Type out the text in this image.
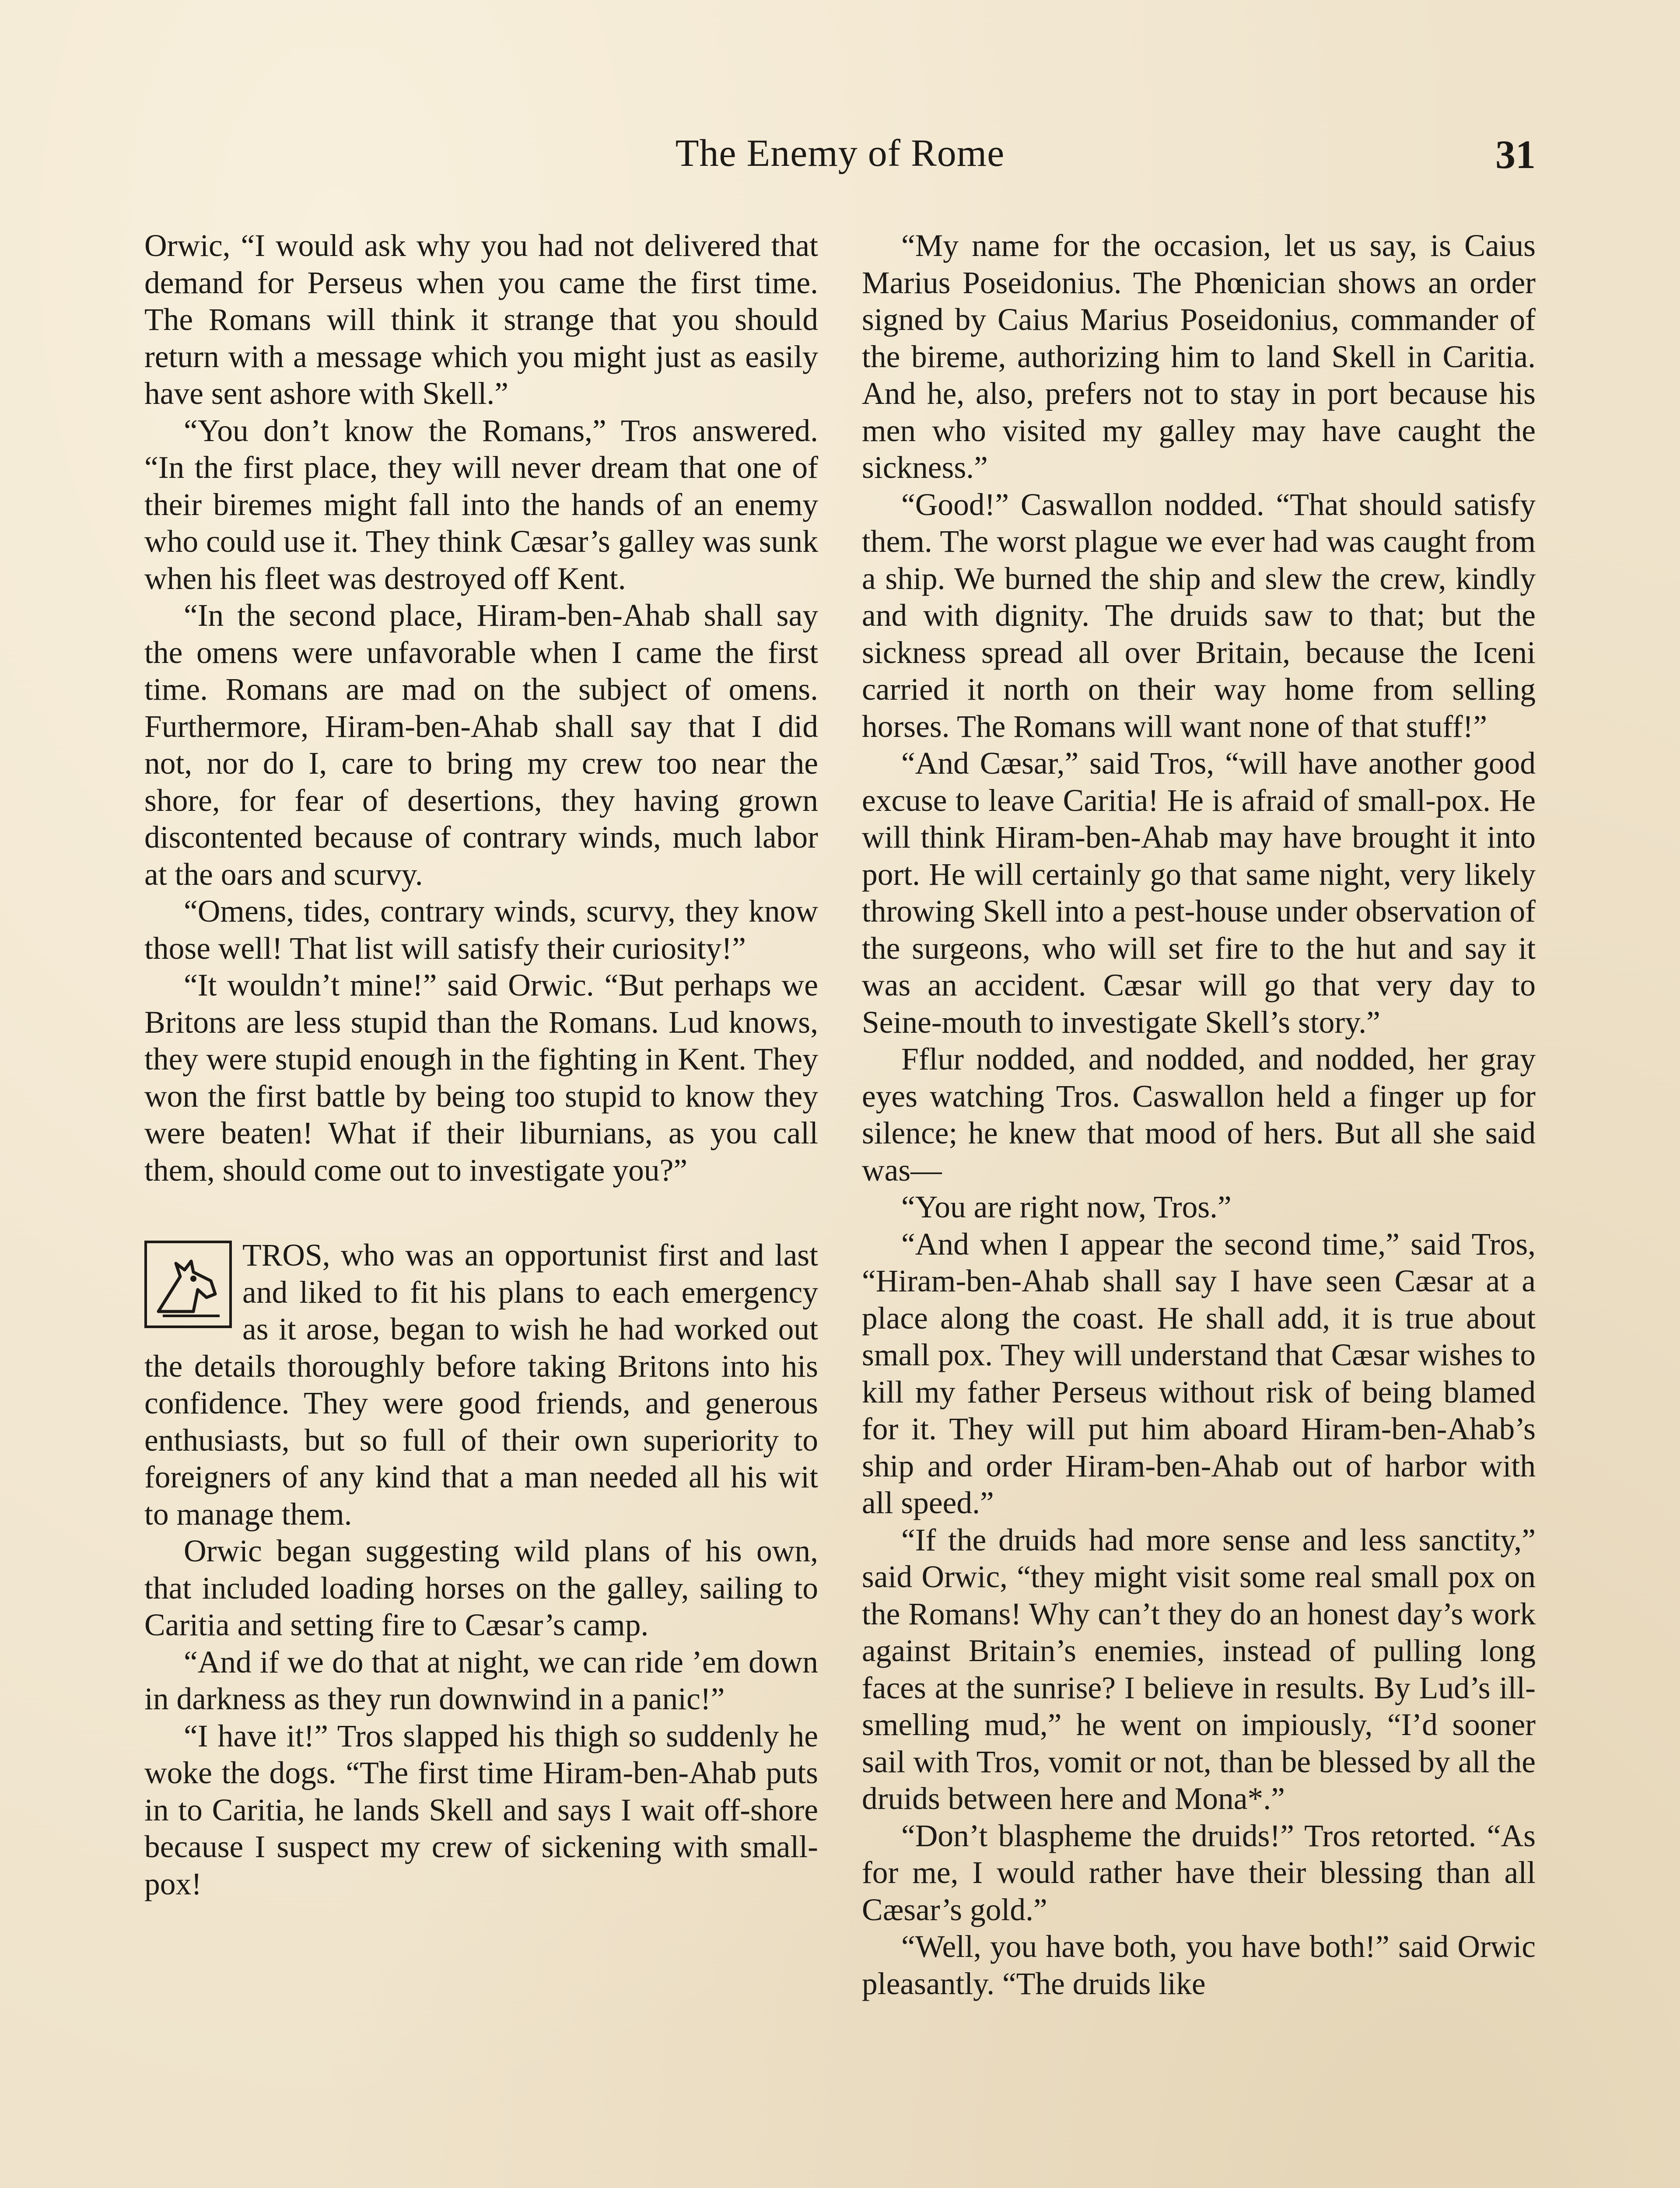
The Enemy of Rome	31

Orwic, “I would ask why you had not delivered that demand for Perseus when you came the first time. The Romans will think it strange that you should return with a message which you might just as easily have sent ashore with Skell.”

“You don’t know the Romans,” Tros answered. “In the first place, they will never dream that one of their biremes might fall into the hands of an enemy who could use it. They think Cæsar’s galley was sunk when his fleet was destroyed off Kent.

“In the second place, Hiram-ben-Ahab shall say the omens were unfavorable when I came the first time. Romans are mad on the subject of omens. Furthermore, Hiram-ben-Ahab shall say that I did not, nor do I, care to bring my crew too near the shore, for fear of desertions, they having grown discontented because of contrary winds, much labor at the oars and scurvy.

“Omens, tides, contrary winds, scurvy, they know those well! That list will satisfy their curiosity!”

“It wouldn’t mine!” said Orwic. “But perhaps we Britons are less stupid than the Romans. Lud knows, they were stupid enough in the fighting in Kent. They won the first battle by being too stupid to know they were beaten! What if their liburnians, as you call them, should come out to investigate you?”

TROS, who was an opportunist first and last and liked to fit his plans to each emergency as it arose, began to wish he had worked out the details thoroughly before taking Britons into his confidence. They were good friends, and generous enthusiasts, but so full of their own superiority to foreigners of any kind that a man needed all his wit to manage them.

Orwic began suggesting wild plans of his own, that included loading horses on the galley, sailing to Caritia and setting fire to Cæsar’s camp.

“And if we do that at night, we can ride ’em down in darkness as they run downwind in a panic!”

“I have it!” Tros slapped his thigh so suddenly he woke the dogs. “The first time Hiram-ben-Ahab puts in to Caritia, he lands Skell and says I wait off-shore because I suspect my crew of sickening with small-pox!

“My name for the occasion, let us say, is Caius Marius Poseidonius. The Phœnician shows an order signed by Caius Marius Poseidonius, commander of the bireme, authorizing him to land Skell in Caritia. And he, also, prefers not to stay in port because his men who visited my galley may have caught the sickness.”

“Good!” Caswallon nodded. “That should satisfy them. The worst plague we ever had was caught from a ship. We burned the ship and slew the crew, kindly and with dignity. The druids saw to that; but the sickness spread all over Britain, because the Iceni carried it north on their way home from selling horses. The Romans will want none of that stuff!”

“And Cæsar,” said Tros, “will have another good excuse to leave Caritia! He is afraid of small-pox. He will think Hiram-ben-Ahab may have brought it into port. He will certainly go that same night, very likely throwing Skell into a pest-house under observation of the surgeons, who will set fire to the hut and say it was an accident. Cæsar will go that very day to Seine-mouth to investigate Skell’s story.”

Fflur nodded, and nodded, and nodded, her gray eyes watching Tros. Caswallon held a finger up for silence; he knew that mood of hers. But all she said was—

“You are right now, Tros.”

“And when I appear the second time,” said Tros, “Hiram-ben-Ahab shall say I have seen Cæsar at a place along the coast. He shall add, it is true about small pox. They will understand that Cæsar wishes to kill my father Perseus without risk of being blamed for it. They will put him aboard Hiram-ben-Ahab’s ship and order Hiram-ben-Ahab out of harbor with all speed.”

“If the druids had more sense and less sanctity,” said Orwic, “they might visit some real small pox on the Romans! Why can’t they do an honest day’s work against Britain’s enemies, instead of pulling long faces at the sunrise? I believe in results. By Lud’s ill-smelling mud,” he went on impiously, “I’d sooner sail with Tros, vomit or not, than be blessed by all the druids between here and Mona*.”

“Don’t blaspheme the druids!” Tros retorted. “As for me, I would rather have their blessing than all Cæsar’s gold.”

“Well, you have both, you have both!” said Orwic pleasantly. “The druids like
